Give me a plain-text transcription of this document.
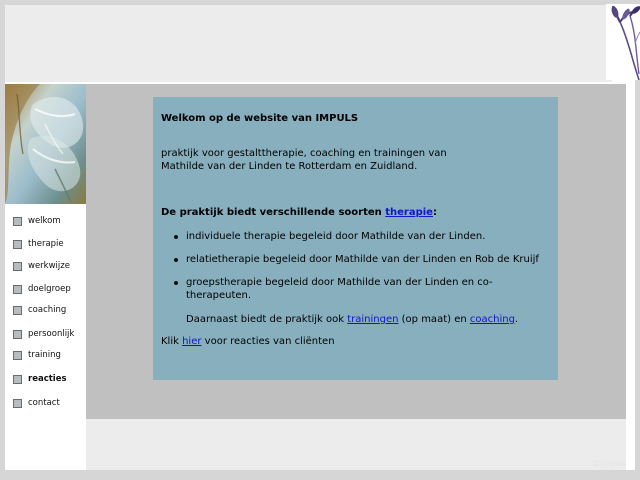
welkom
therapie
werkwijze
doelgroep
coaching
persoonlijk
training
reacties
contact
©impuls
Welkom op de website van IMPULS
praktijk voor gestalttherapie, coaching en trainingen van
Mathilde van der Linden te Rotterdam en Zuidland.
De praktijk biedt verschillende soorten therapie:
individuele therapie begeleid door Mathilde van der Linden.
relatietherapie begeleid door Mathilde van der Linden en Rob de Kruijf
groepstherapie begeleid door Mathilde van der Linden en co-therapeuten.
Daarnaast biedt de praktijk ook trainingen (op maat) en coaching.
Klik hier voor reacties van cliënten
